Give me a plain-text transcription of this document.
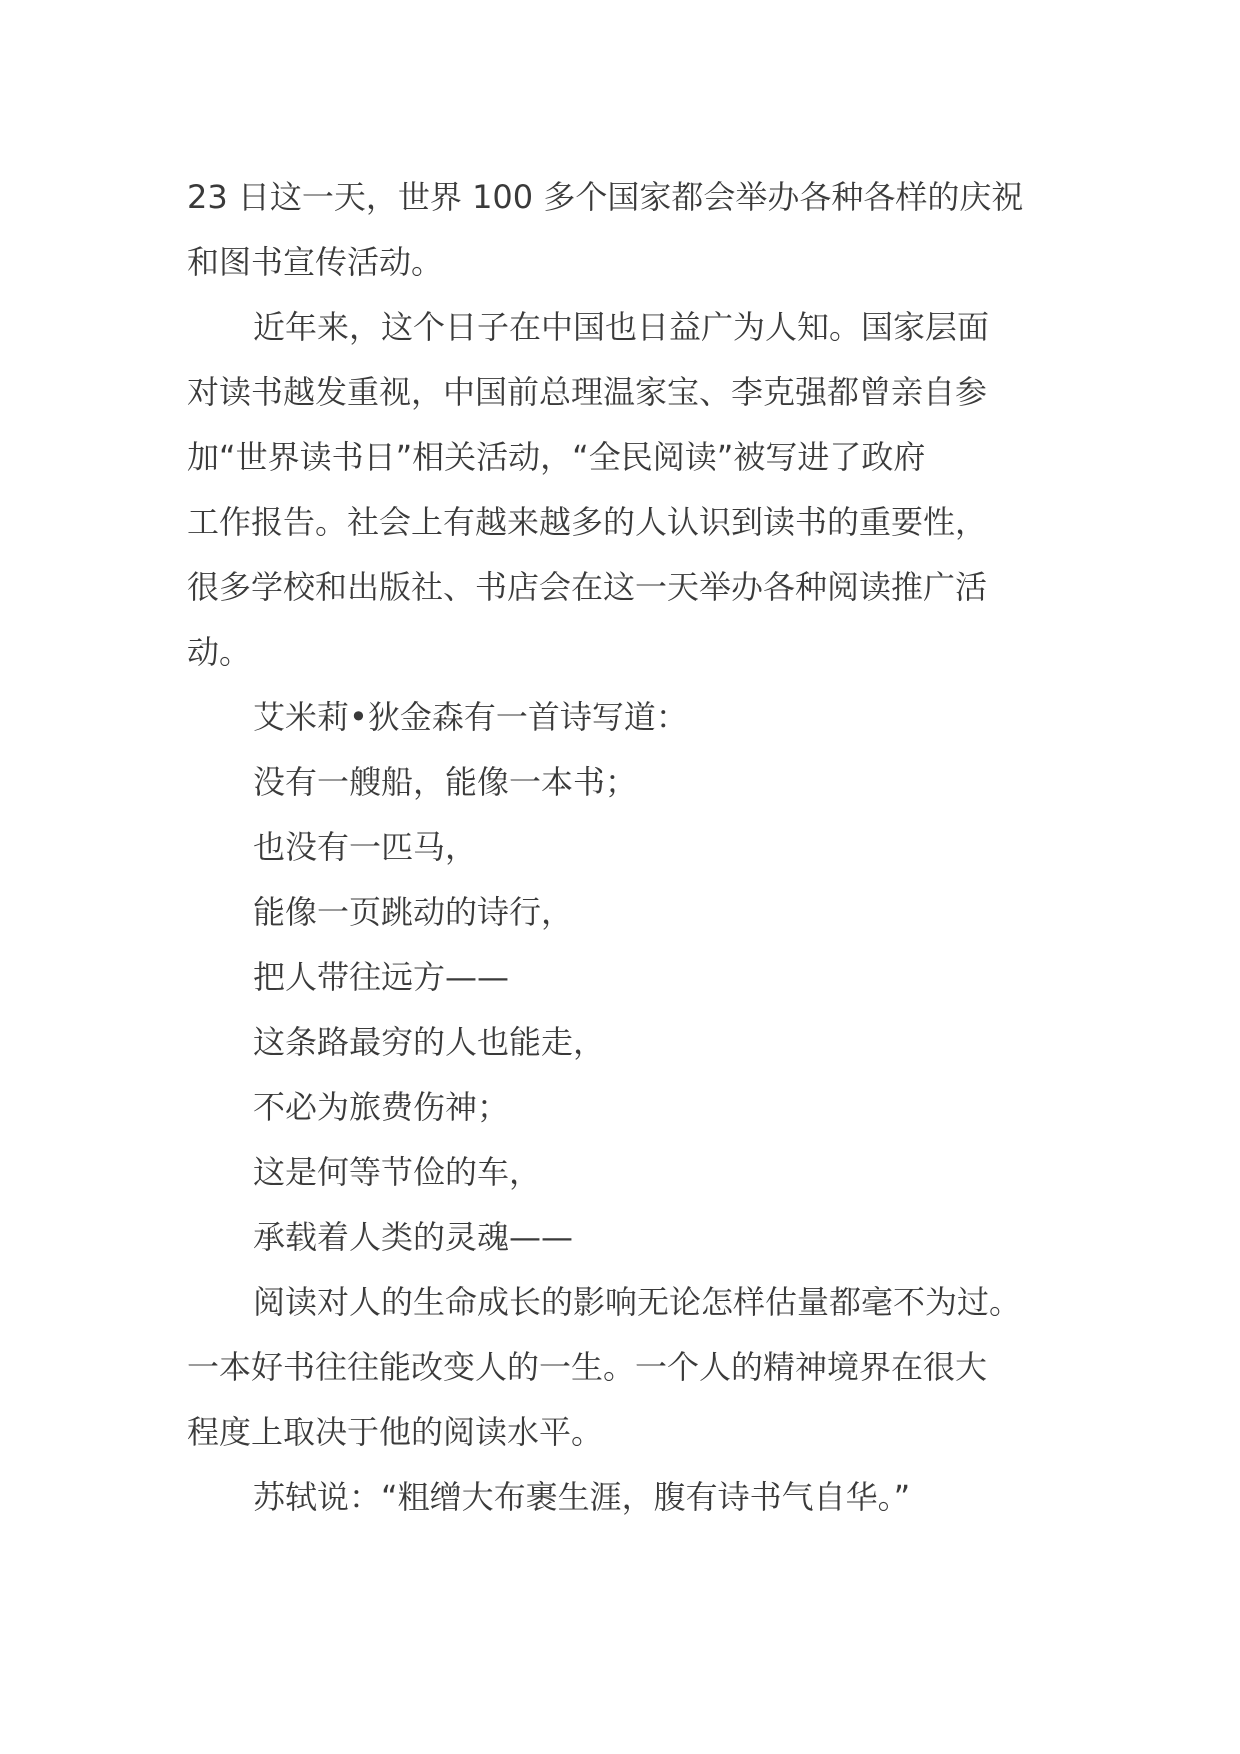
23 日这一天，世界 100 多个国家都会举办各种各样的庆祝
和图书宣传活动。
近年来，这个日子在中国也日益广为人知。国家层面
对读书越发重视，中国前总理温家宝、李克强都曾亲自参
加“世界读书日”相关活动，“全民阅读”被写进了政府
工作报告。社会上有越来越多的人认识到读书的重要性，
很多学校和出版社、书店会在这一天举办各种阅读推广活
动。
艾米莉•狄金森有一首诗写道：
没有一艘船，能像一本书；
也没有一匹马，
能像一页跳动的诗行，
把人带往远方——
这条路最穷的人也能走，
不必为旅费伤神；
这是何等节俭的车，
承载着人类的灵魂——
阅读对人的生命成长的影响无论怎样估量都毫不为过。
一本好书往往能改变人的一生。一个人的精神境界在很大
程度上取决于他的阅读水平。
苏轼说：“粗缯大布裹生涯，腹有诗书气自华。”
